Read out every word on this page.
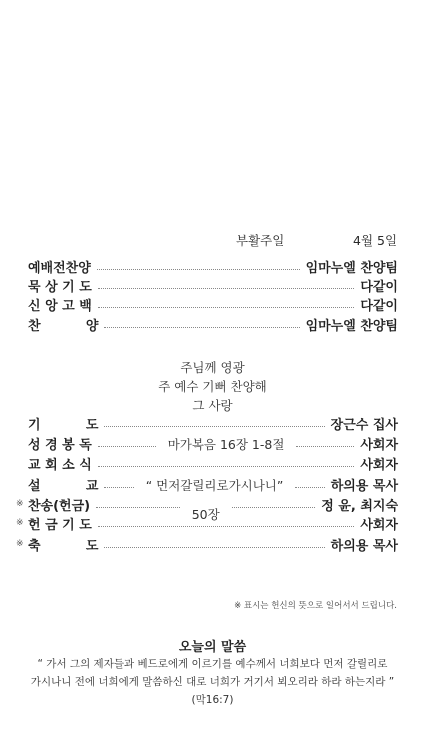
부활주일	4월 5일
예배전찬양	임마누엘 찬양팀
묵 상 기 도	다같이
신 앙 고 백	다같이
찬          양	임마누엘 찬양팀
주님께 영광
주 예수 기뻐 찬양해
그 사랑
기          도	장근수 집사
성 경 봉 독	마가복음 16장 1-8절	사회자
교 회 소 식	사회자
설          교	“ 먼저갈릴리로가시나니”	하의용 목사
※ 찬송(헌금)	50장	정 윤, 최지숙
※ 헌 금 기 도	사회자
※ 축          도	하의용 목사
※ 표시는 헌신의 뜻으로 일어서서 드립니다.
오늘의 말씀
“ 가서 그의 제자들과 베드로에게 이르기를 예수께서 너희보다 먼저 갈릴리로
가시나니 전에 너희에게 말씀하신 대로 너희가 거기서 뵈오리라 하라 하는지라 ”
(막16:7)
